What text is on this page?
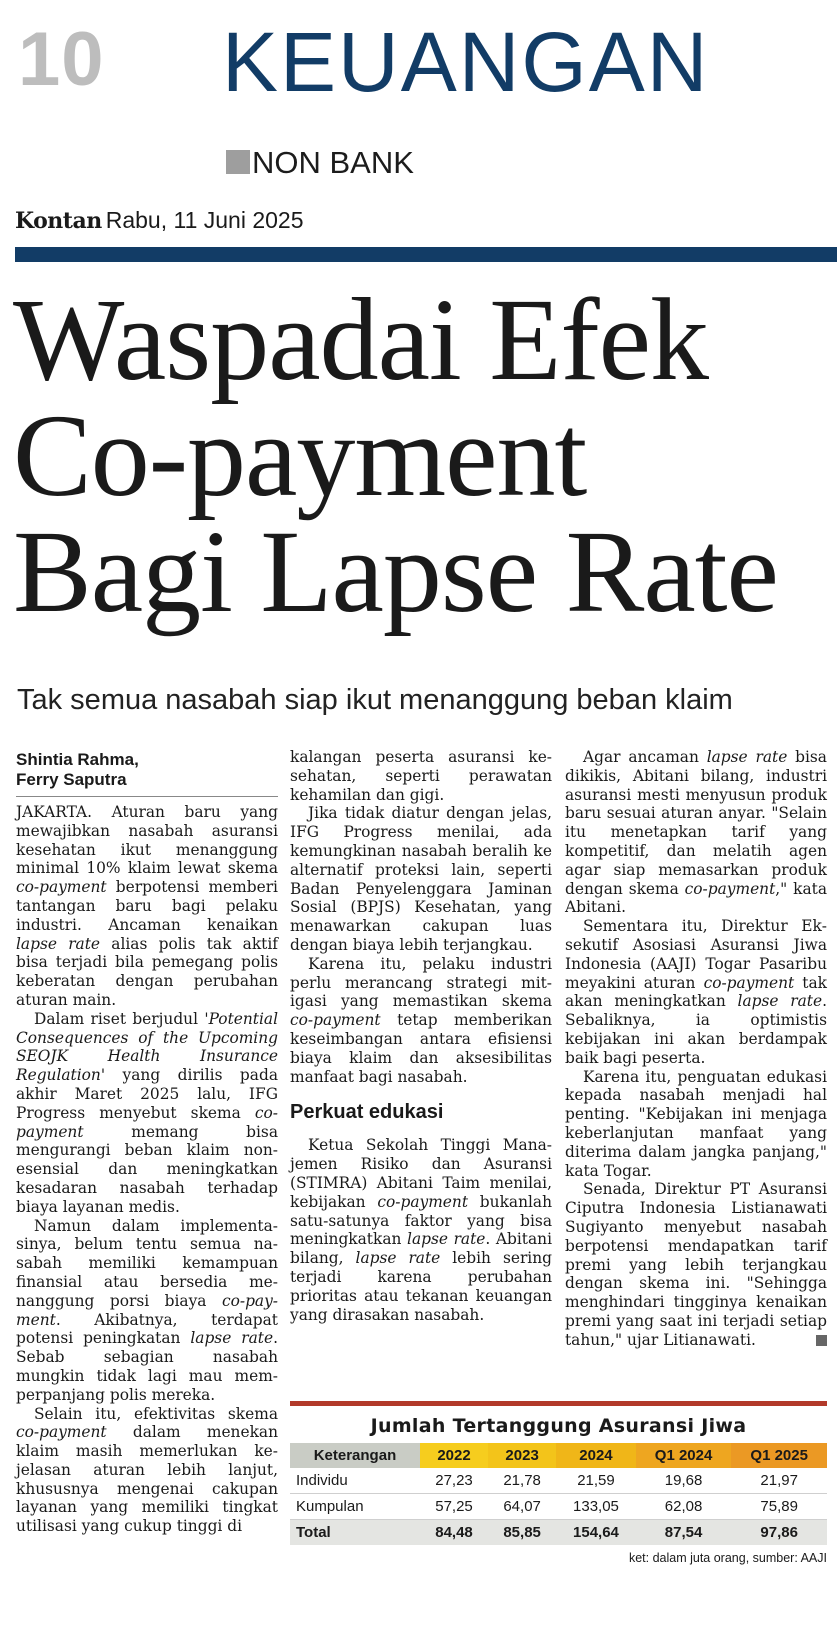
10 KEUANGAN
NON BANK
Kontan Rabu, 11 Juni 2025
Waspadai Efek
Co-payment
Bagi Lapse Rate
Tak semua nasabah siap ikut menanggung beban klaim
Shintia Rahma,
Ferry Saputra

JAKARTA. Aturan baru yang mewajibkan nasabah asuransi kesehatan ikut menanggung minimal 10% klaim lewat skema co-payment berpotensi memberi tantangan baru bagi pelaku industri. Ancaman kenaikan lapse rate alias polis tak aktif bisa terjadi bila pemegang polis keberatan dengan perubahan aturan main.

Dalam riset berjudul 'Potential Consequences of the Upcoming SEOJK Health Insurance Regulation' yang dirilis pada akhir Maret 2025 lalu, IFG Progress menyebut skema co-payment memang bisa mengurangi beban klaim nonesensial dan meningkatkan kesadaran nasabah terhadap biaya layanan medis.

Namun dalam implementasinya, belum tentu semua nasabah memiliki kemampuan finansial atau bersedia menanggung porsi biaya co-payment. Akibatnya, terdapat potensi peningkatan lapse rate. Sebab sebagian nasabah mungkin tidak lagi mau memperpanjang polis mereka.

Selain itu, efektivitas skema co-payment dalam menekan klaim masih memerlukan kejelasan aturan lebih lanjut, khususnya mengenai cakupan layanan yang memiliki tingkat utilisasi yang cukup tinggi di

kalangan peserta asuransi kesehatan, seperti perawatan kehamilan dan gigi.

Jika tidak diatur dengan jelas, IFG Progress menilai, ada kemungkinan nasabah beralih ke alternatif proteksi lain, seperti Badan Penyelenggara Jaminan Sosial (BPJS) Kesehatan, yang menawarkan cakupan luas dengan biaya lebih terjangkau.

Karena itu, pelaku industri perlu merancang strategi mitigasi yang memastikan skema co-payment tetap memberikan keseimbangan antara efisiensi biaya klaim dan aksesibilitas manfaat bagi nasabah.

Perkuat edukasi

Ketua Sekolah Tinggi Manajemen Risiko dan Asuransi (STIMRA) Abitani Taim menilai, kebijakan co-payment bukanlah satu-satunya faktor yang bisa meningkatkan lapse rate. Abitani bilang, lapse rate lebih sering terjadi karena perubahan prioritas atau tekanan keuangan yang dirasakan nasabah.

Agar ancaman lapse rate bisa dikikis, Abitani bilang, industri asuransi mesti menyusun produk baru sesuai aturan anyar. "Selain itu menetapkan tarif yang kompetitif, dan melatih agen agar siap memasarkan produk dengan skema co-payment," kata Abitani.

Sementara itu, Direktur Eksekutif Asosiasi Asuransi Jiwa Indonesia (AAJI) Togar Pasaribu meyakini aturan co-payment tak akan meningkatkan lapse rate. Sebaliknya, ia optimistis kebijakan ini akan berdampak baik bagi peserta.

Karena itu, penguatan edukasi kepada nasabah menjadi hal penting. "Kebijakan ini menjaga keberlanjutan manfaat yang diterima dalam jangka panjang," kata Togar.

Senada, Direktur PT Asuransi Ciputra Indonesia Listianawati Sugiyanto menyebut nasabah berpotensi mendapatkan tarif premi yang lebih terjangkau dengan skema ini. "Sehingga menghindari tingginya kenaikan premi yang saat ini terjadi setiap tahun," ujar Litianawati.

Jumlah Tertanggung Asuransi Jiwa
Keterangan	2022	2023	2024	Q1 2024	Q1 2025
Individu	27,23	21,78	21,59	19,68	21,97
Kumpulan	57,25	64,07	133,05	62,08	75,89
Total	84,48	85,85	154,64	87,54	97,86
ket: dalam juta orang, sumber: AAJI
